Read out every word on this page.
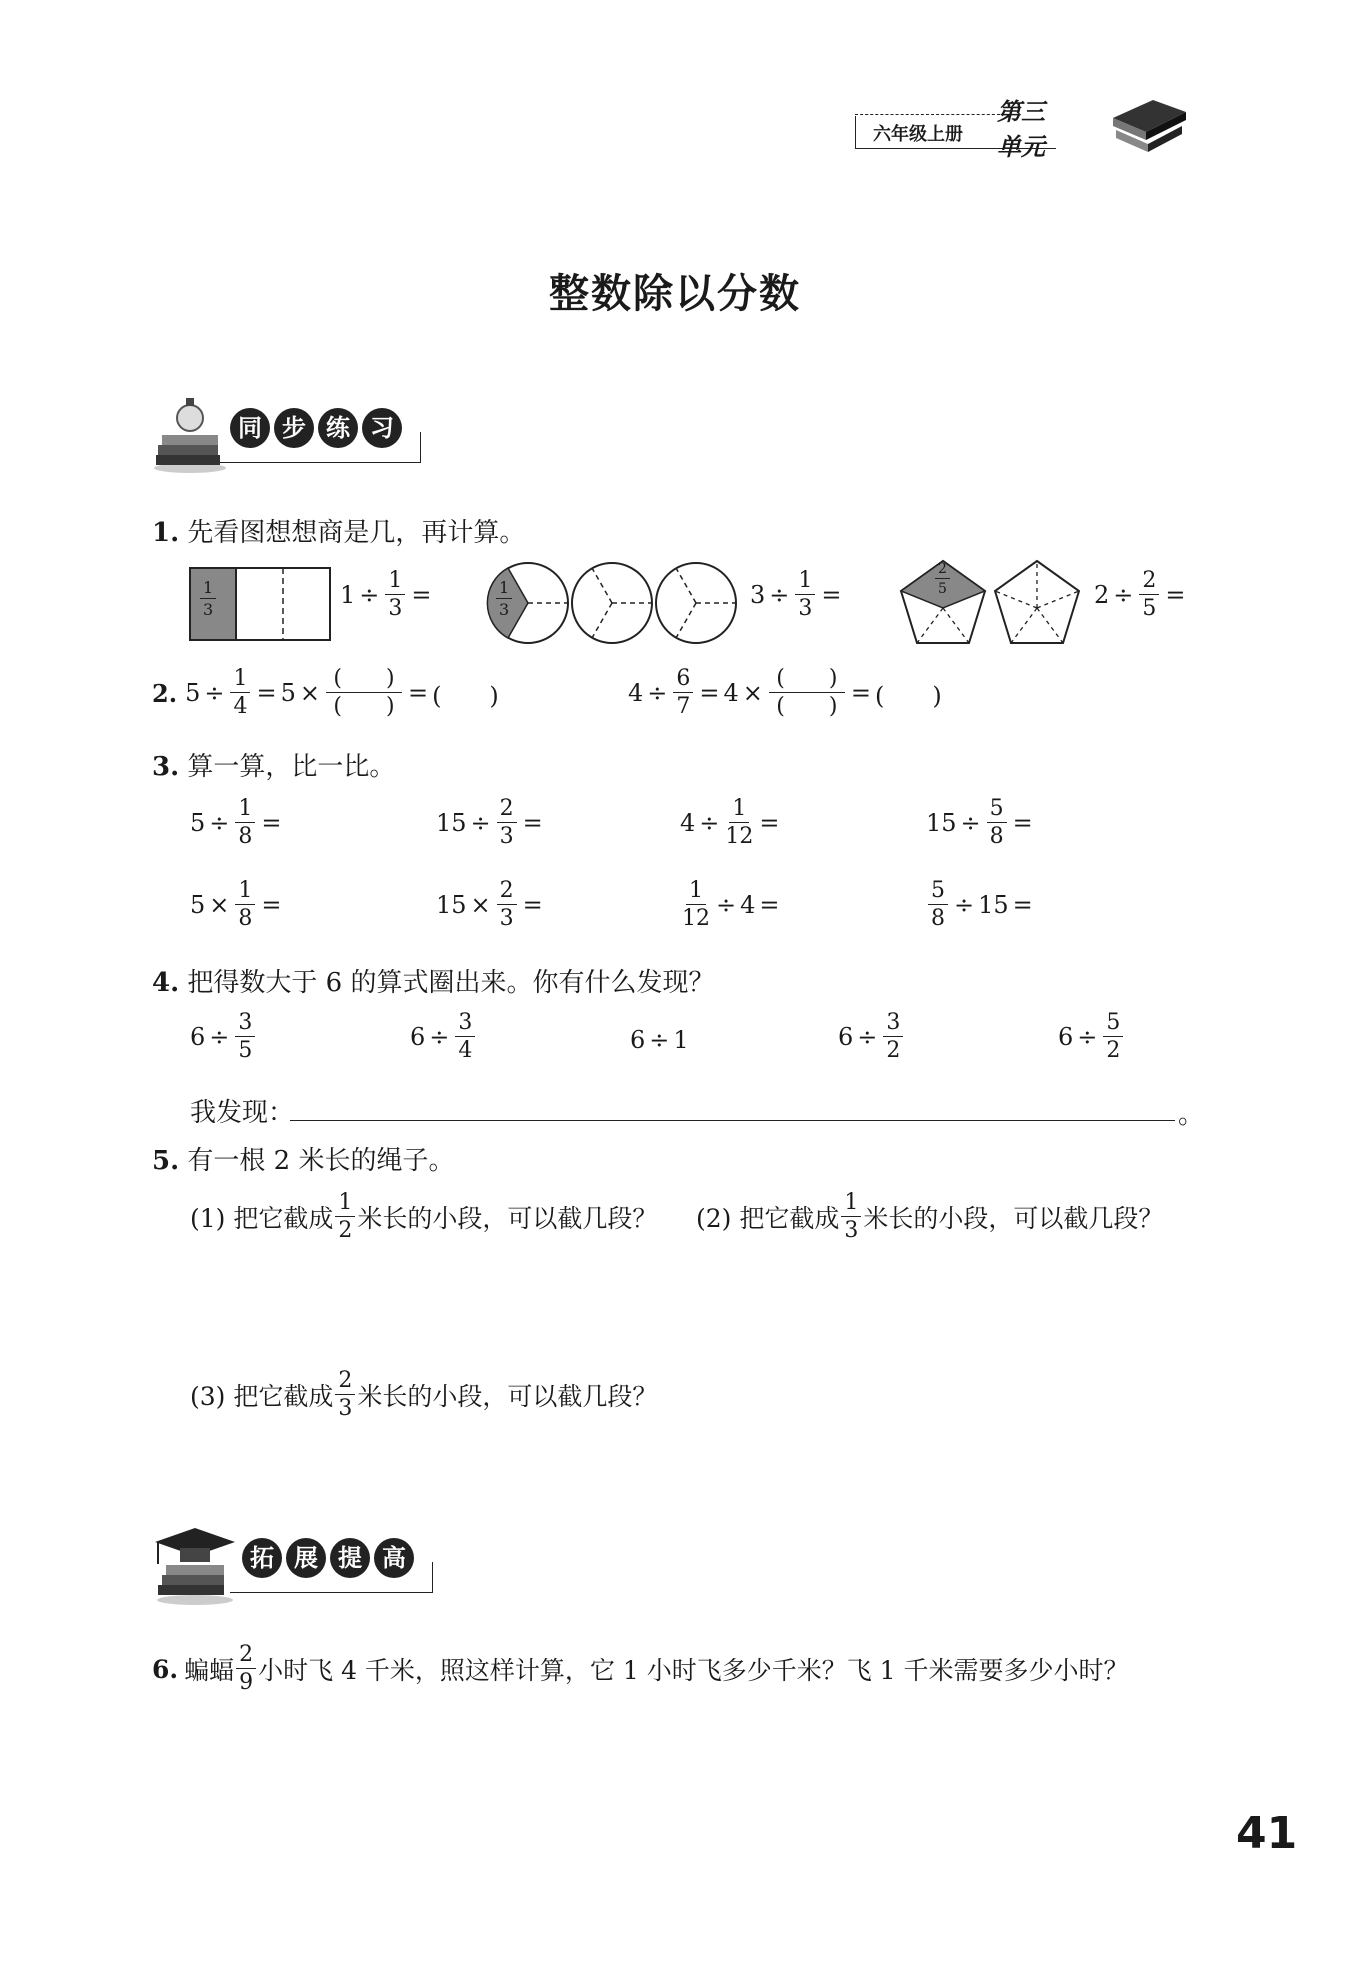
第三单元
六年级上册
整数除以分数
同 步 练 习
1. 先看图想想商是几，再计算。
$\frac{1}{3}$	$1 \div \frac{1}{3}$ =	$\frac{1}{3}$	$3 \div \frac{1}{3}$ =	$\frac{2}{5}$	$2 \div \frac{2}{5}$ =
2. $5 \div \frac{1}{4} = 5 \times \frac{( )}{( )}$ = (　　)	$4 \div \frac{6}{7} = 4 \times \frac{( )}{( )}$ = (　　)
3. 算一算，比一比。
$5 \div \frac{1}{8}$ =	$15 \div \frac{2}{3}$ =	$4 \div \frac{1}{12}$ =	$15 \div \frac{5}{8}$ =
$5 \times \frac{1}{8}$ =	$15 \times \frac{2}{3}$ =	$\frac{1}{12} \div 4$ =	$\frac{5}{8} \div 15$ =
4. 把得数大于 6 的算式圈出来。你有什么发现？
$6 \div \frac{3}{5}$	$6 \div \frac{3}{4}$	6 ÷ 1	$6 \div \frac{3}{2}$	$6 \div \frac{5}{2}$
我发现：	。
5. 有一根 2 米长的绳子。
(1) 把它截成 $\frac{1}{2}$ 米长的小段，可以截几段？ (2) 把它截成 $\frac{1}{3}$ 米长的小段，可以截几段？
(3) 把它截成 $\frac{2}{3}$ 米长的小段，可以截几段？
拓 展 提 高
6. 蝙蝠 $\frac{2}{9}$ 小时飞 4 千米，照这样计算，它 1 小时飞多少千米？飞 1 千米需要多少小时？
41
